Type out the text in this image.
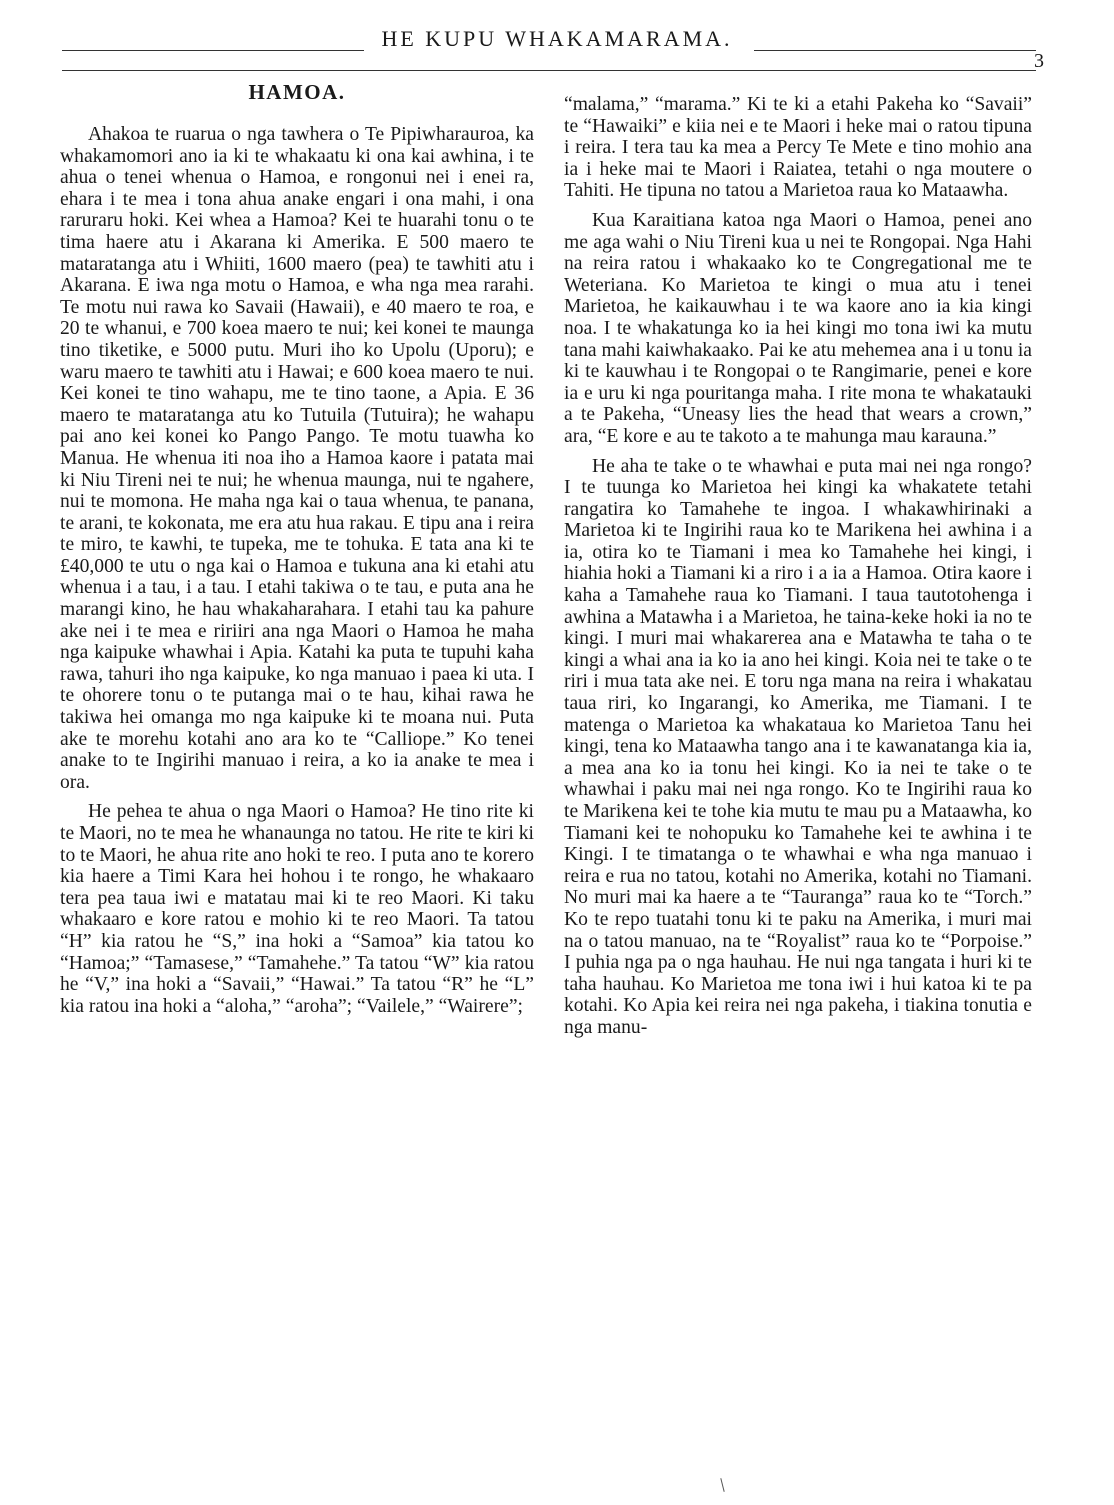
HE KUPU WHAKAMARAMA.
3
HAMOA.

Ahakoa te ruarua o nga tawhera o Te Pipiwharauroa, ka whakamomori ano ia ki te whakaatu ki ona kai awhina, i te ahua o tenei whenua o Hamoa, e rongonui nei i enei ra, ehara i te mea i tona ahua anake engari i ona mahi, i ona raruraru hoki. Kei whea a Hamoa? Kei te huarahi tonu o te tima haere atu i Akarana ki Amerika. E 500 maero te mataratanga atu i Whiiti, 1600 maero (pea) te tawhiti atu i Akarana. E iwa nga motu o Hamoa, e wha nga mea rarahi. Te motu nui rawa ko Savaii (Hawaii), e 40 maero te roa, e 20 te whanui, e 700 koea maero te nui; kei konei te maunga tino tiketike, e 5000 putu. Muri iho ko Upolu (Uporu); e waru maero te tawhiti atu i Hawai; e 600 koea maero te nui. Kei konei te tino wahapu, me te tino taone, a Apia. E 36 maero te mataratanga atu ko Tutuila (Tutuira); he wahapu pai ano kei konei ko Pango Pango. Te motu tuawha ko Manua. He whenua iti noa iho a Hamoa kaore i patata mai ki Niu Tireni nei te nui; he whenua maunga, nui te ngahere, nui te momona. He maha nga kai o taua whenua, te panana, te arani, te kokonata, me era atu hua rakau. E tipu ana i reira te miro, te kawhi, te tupeka, me te tohuka. E tata ana ki te £40,000 te utu o nga kai o Hamoa e tukuna ana ki etahi atu whenua i a tau, i a tau. I etahi takiwa o te tau, e puta ana he marangi kino, he hau whakaharahara. I etahi tau ka pahure ake nei i te mea e ririiri ana nga Maori o Hamoa he maha nga kaipuke whawhai i Apia. Katahi ka puta te tupuhi kaha rawa, tahuri iho nga kaipuke, ko nga manuao i paea ki uta. I te ohorere tonu o te putanga mai o te hau, kihai rawa he takiwa hei omanga mo nga kaipuke ki te moana nui. Puta ake te morehu kotahi ano ara ko te “Calliope.” Ko tenei anake to te Ingirihi manuao i reira, a ko ia anake te mea i ora.

He pehea te ahua o nga Maori o Hamoa? He tino rite ki te Maori, no te mea he whanaunga no tatou. He rite te kiri ki to te Maori, he ahua rite ano hoki te reo. I puta ano te korero kia haere a Timi Kara hei hohou i te rongo, he whakaaro tera pea taua iwi e matatau mai ki te reo Maori. Ki taku whakaaro e kore ratou e mohio ki te reo Maori. Ta tatou “H” kia ratou he “S,” ina hoki a “Samoa” kia tatou ko “Hamoa;” “Tamasese,” “Tamahehe.” Ta tatou “W” kia ratou he “V,” ina hoki a “Savaii,” “Hawai.” Ta tatou “R” he “L” kia ratou ina hoki a “aloha,” “aroha”; “Vailele,” “Wairere”;

“malama,” “marama.” Ki te ki a etahi Pakeha ko “Savaii” te “Hawaiki” e kiia nei e te Maori i heke mai o ratou tipuna i reira. I tera tau ka mea a Percy Te Mete e tino mohio ana ia i heke mai te Maori i Raiatea, tetahi o nga moutere o Tahiti. He tipuna no tatou a Marietoa raua ko Mataawha.

Kua Karaitiana katoa nga Maori o Hamoa, penei ano me aga wahi o Niu Tireni kua u nei te Rongopai. Nga Hahi na reira ratou i whakaako ko te Congregational me te Weteriana. Ko Marietoa te kingi o mua atu i tenei Marietoa, he kaikauwhau i te wa kaore ano ia kia kingi noa. I te whakatunga ko ia hei kingi mo tona iwi ka mutu tana mahi kaiwhakaako. Pai ke atu mehemea ana i u tonu ia ki te kauwhau i te Rongopai o te Rangimarie, penei e kore ia e uru ki nga pouritanga maha. I rite mona te whakatauki a te Pakeha, “Uneasy lies the head that wears a crown,” ara, “E kore e au te takoto a te mahunga mau karauna.”

He aha te take o te whawhai e puta mai nei nga rongo? I te tuunga ko Marietoa hei kingi ka whakatete tetahi rangatira ko Tamahehe te ingoa. I whakawhirinaki a Marietoa ki te Ingirihi raua ko te Marikena hei awhina i a ia, otira ko te Tiamani i mea ko Tamahehe hei kingi, i hiahia hoki a Tiamani ki a riro i a ia a Hamoa. Otira kaore i kaha a Tamahehe raua ko Tiamani. I taua tautotohenga i awhina a Matawha i a Marietoa, he taina-keke hoki ia no te kingi. I muri mai whakarerea ana e Matawha te taha o te kingi a whai ana ia ko ia ano hei kingi. Koia nei te take o te riri i mua tata ake nei. E toru nga mana na reira i whakatau taua riri, ko Ingarangi, ko Amerika, me Tiamani. I te matenga o Marietoa ka whakataua ko Marietoa Tanu hei kingi, tena ko Mataawha tango ana i te kawanatanga kia ia, a mea ana ko ia tonu hei kingi. Ko ia nei te take o te whawhai i paku mai nei nga rongo. Ko te Ingirihi raua ko te Marikena kei te tohe kia mutu te mau pu a Mataawha, ko Tiamani kei te nohopuku ko Tamahehe kei te awhina i te Kingi. I te timatanga o te whawhai e wha nga manuao i reira e rua no tatou, kotahi no Amerika, kotahi no Tiamani. No muri mai ka haere a te “Tauranga” raua ko te “Torch.” Ko te repo tuatahi tonu ki te paku na Amerika, i muri mai na o tatou manuao, na te “Royalist” raua ko te “Porpoise.” I puhia nga pa o nga hauhau. He nui nga tangata i huri ki te taha hauhau. Ko Marietoa me tona iwi i hui katoa ki te pa kotahi. Ko Apia kei reira nei nga pakeha, i tiakina tonutia e nga manu-
